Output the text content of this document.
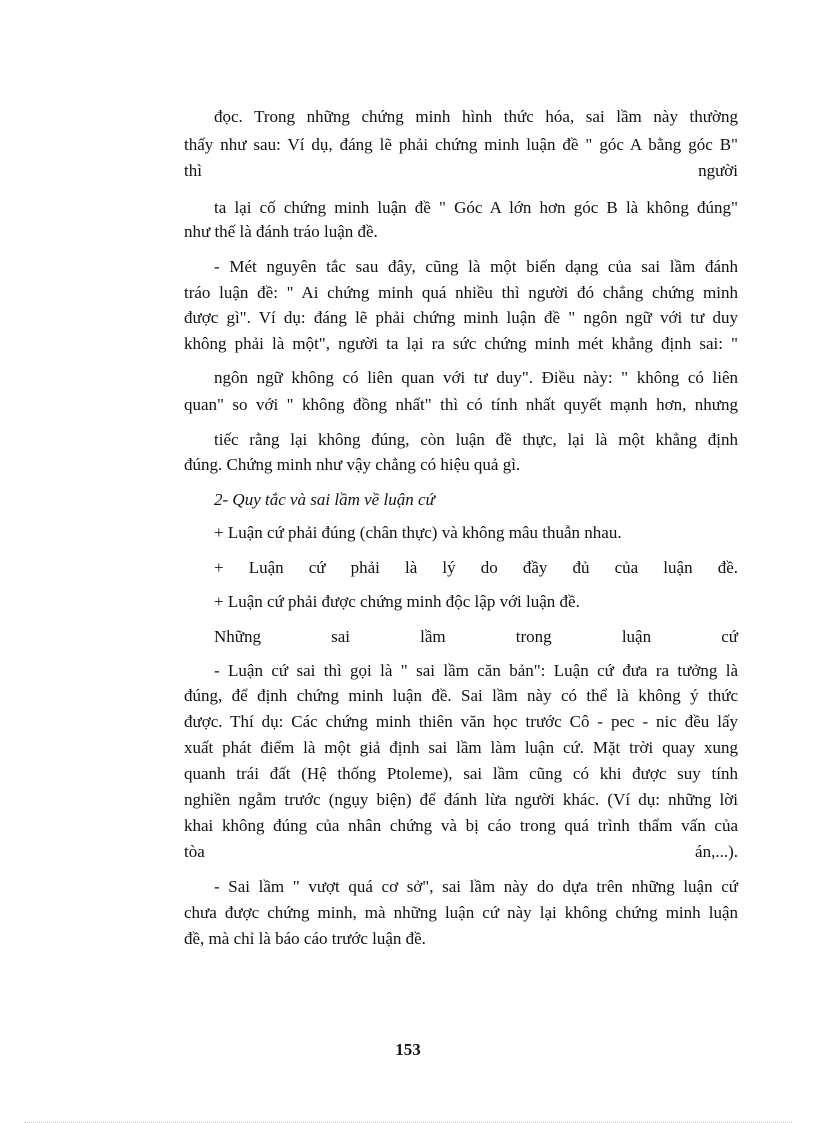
đọc. Trong những chứng minh hình thức hóa, sai lầm này thường
thấy như sau: Ví dụ, đáng lẽ phải chứng minh luận đề " góc A bằng góc B"
thì người
ta lại cố chứng minh luận đề " Góc A lớn hơn góc B là không đúng"
như thế là đánh tráo luận đề.
- Mét nguyên tắc sau đây, cũng là một biến dạng của sai lầm đánh
tráo luận đề: " Ai chứng minh quá nhiều thì người đó chẳng chứng minh
được gì". Ví dụ: đáng lẽ phải chứng minh luận đề " ngôn ngữ với tư duy
không phải là một", người ta lại ra sức chứng minh mét khẳng định sai: "
ngôn ngữ không có liên quan với tư duy". Điều này: " không có liên
quan" so với " không đồng nhất" thì có tính nhất quyết mạnh hơn, nhưng
tiếc rằng lại không đúng, còn luận đề thực, lại là một khẳng định
đúng. Chứng minh như vậy chẳng có hiệu quả gì.
2- Quy tắc và sai lầm về luận cứ
+ Luận cứ phải đúng (chân thực) và không mâu thuẫn nhau.
+ Luận cứ phải là lý do đầy đủ của luận đề.
+ Luận cứ phải được chứng minh độc lập với luận đề.
Những sai lầm trong luận cứ
- Luận cứ sai thì gọi là " sai lầm căn bản": Luận cứ đưa ra tưởng là
đúng, để định chứng minh luận đề. Sai lầm này có thể là không ý thức
được. Thí dụ: Các chứng minh thiên văn học trước Cô - pec - nic đều lấy
xuất phát điểm là một giả định sai lầm làm luận cứ. Mặt trời quay xung
quanh trái đất (Hệ thống Ptoleme), sai lầm cũng có khi được suy tính
nghiền ngẫm trước (ngụy biện) để đánh lừa người khác. (Ví dụ: những lời
khai không đúng của nhân chứng và bị cáo trong quá trình thẩm vấn của
tòa án,...).
- Sai lầm " vượt quá cơ sở", sai lầm này do dựa trên những luận cứ
chưa được chứng minh, mà những luận cứ này lại không chứng minh luận
đề, mà chỉ là báo cáo trước luận đề.
153
